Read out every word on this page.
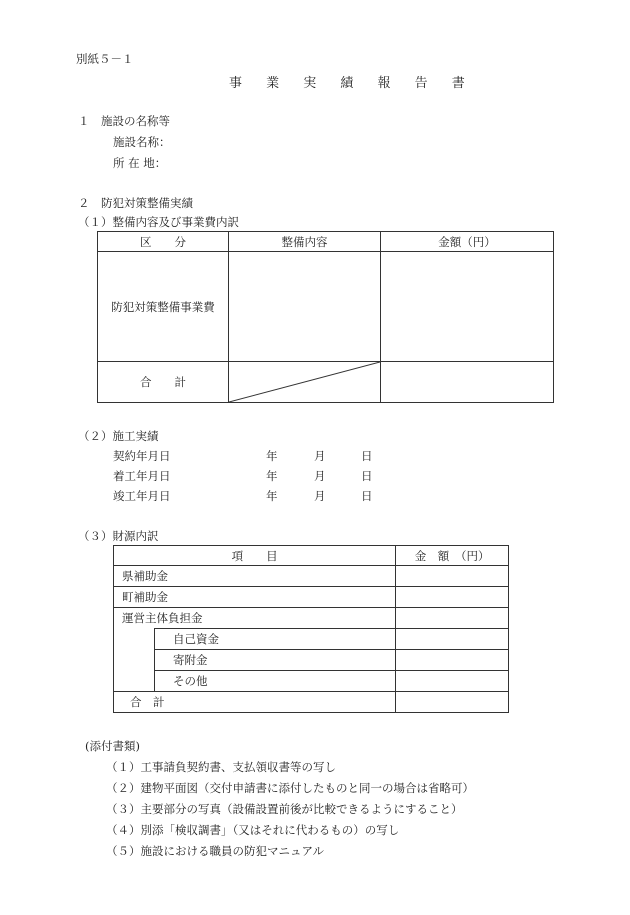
別紙５－１
事 業 実 績 報 告 書
１　施設の名称等
施設名称：
所 在 地：
２　防犯対策整備実績
（１）整備内容及び事業費内訳
区　　分	整備内容	金額（円）
防犯対策整備事業費		
合　　計	

（２）施工実績
契約年月日	年	月	日
着工年月日	年	月	日
竣工年月日	年	月	日
（３）財源内訳
項　　目		金　額　（円）
県補助金		
町補助金		
運営主体負担金		
	自己資金	
	寄附金	
	その他	
合　計		
(添付書類)
（１）工事請負契約書、支払領収書等の写し
（２）建物平面図（交付申請書に添付したものと同一の場合は省略可）
（３）主要部分の写真（設備設置前後が比較できるようにすること）
（４）別添「検収調書」（又はそれに代わるもの）の写し
（５）施設における職員の防犯マニュアル
